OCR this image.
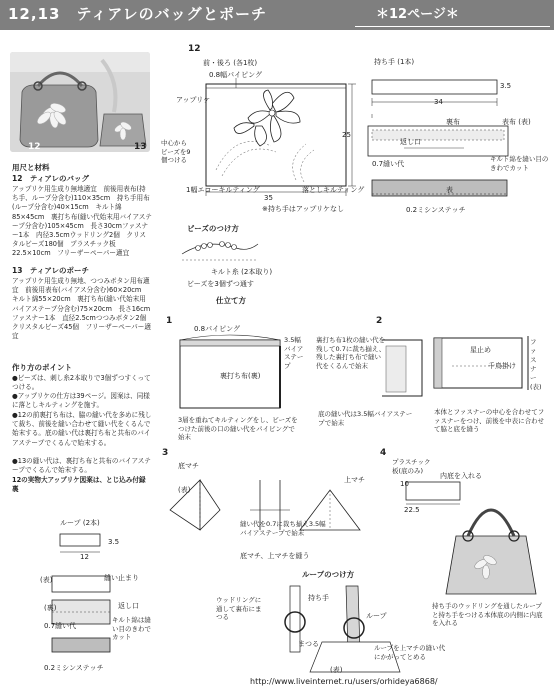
12,13　ティアレのバッグとポーチ	＊12ページ＊
12	13
用尺と材料
12　ティアレのバッグ

アップリケ用生成り無地適宜　前後用表布(持ち手、ループ分含む)110×35cm　持ち手用布(ループ分含む)40×15cm　キルト綿85×45cm　裏打ち布(縫い代始末用バイアステープ分含む)105×45cm　長さ30cmファスナー1本　内径3.5cmウッドリング2個　クリスタルビーズ180個　プラスチック板22.5×10cm　フリーザーペーパー適宜

13　ティアレのポーチ

アップリケ用生成り無地、つつみボタン用布適宜　前後用表布(バイアス分含む)60×20cm　キルト綿55×20cm　裏打ち布(縫い代始末用バイアステープ分含む)75×20cm　長さ16cmファスナー1本　直径2.5cmつつみボタン2個　クリスタルビーズ45個　フリーザーペーパー適宜

作り方のポイント

●ビーズは、刺し糸2本取りで3個ずつすくってつける。

●アップリケの仕方は39ページ。図案は、同様に落としキルティングを施す。

●12の前裏打ち布は、脇の縫い代を多めに残して裁ち、前後を縫い合わせて縫い代をくるんで始末する。底の縫い代は裏打ち布と共布のバイアステープでくるんで始末する。

●13の縫い代は、裏打ち布と共布のバイアステープでくるんで始末する。

12の実物大アップリケ図案は、とじ込み付録裏

12
前・後ろ (各1枚)
0.8幅パイピング
アップリケ

中心からビーズを9個つける

1幅エコーキルティング
35
25
落としキルティング
※持ち手はアップリケなし
持ち手 (1本)
3.5
34
裏布	表布 (表)
返し口
0.7縫い代

キルト綿を縫い目のきわでカット

表
0.2ミシンステッチ
ビーズのつけ方
キルト糸 (2本取り)
ビーズを3個ずつ通す
仕立て方
1
0.8パイピング

3.5幅バイアステープ

裏打ち布(裏)

3層を重ねてキルティングをし、ビーズをつけた前後の口の縫い代をパイピングで始末

2

裏打ち布1枚の縫い代を残して0.7に裁ち揃え、残した裏打ち布で縫い代をくるんで始末

星止め

ファスナー(表)

千鳥掛け

底の縫い代は3.5幅バイアステープで始末

本体とファスナーの中心を合わせてファスナーをつけ、前後を中表に合わせて脇と底を縫う

3
底マチ
(表)

縫い代を0.7に裁ち揃え3.5幅バイアステープで始末

上マチ
底マチ、上マチを縫う
4

プラスチック板(底のみ)

10
22.5
内底を入れる

持ち手のウッドリングを通したループと持ち手をつける本体底の内側に内底を入れる

ループ (2本)
3.5
12
(表)	縫い止まり
(裏)	返し口
0.7縫い代

キルト綿は縫い目のきわでカット

0.2ミシンステッチ
ループのつけ方

ウッドリングに通して裏布にまつる

持ち手
ループ
まつる	ループを上マチの縫い代にかがってとめる

(表)
http://www.liveinternet.ru/users/orhideya6868/
